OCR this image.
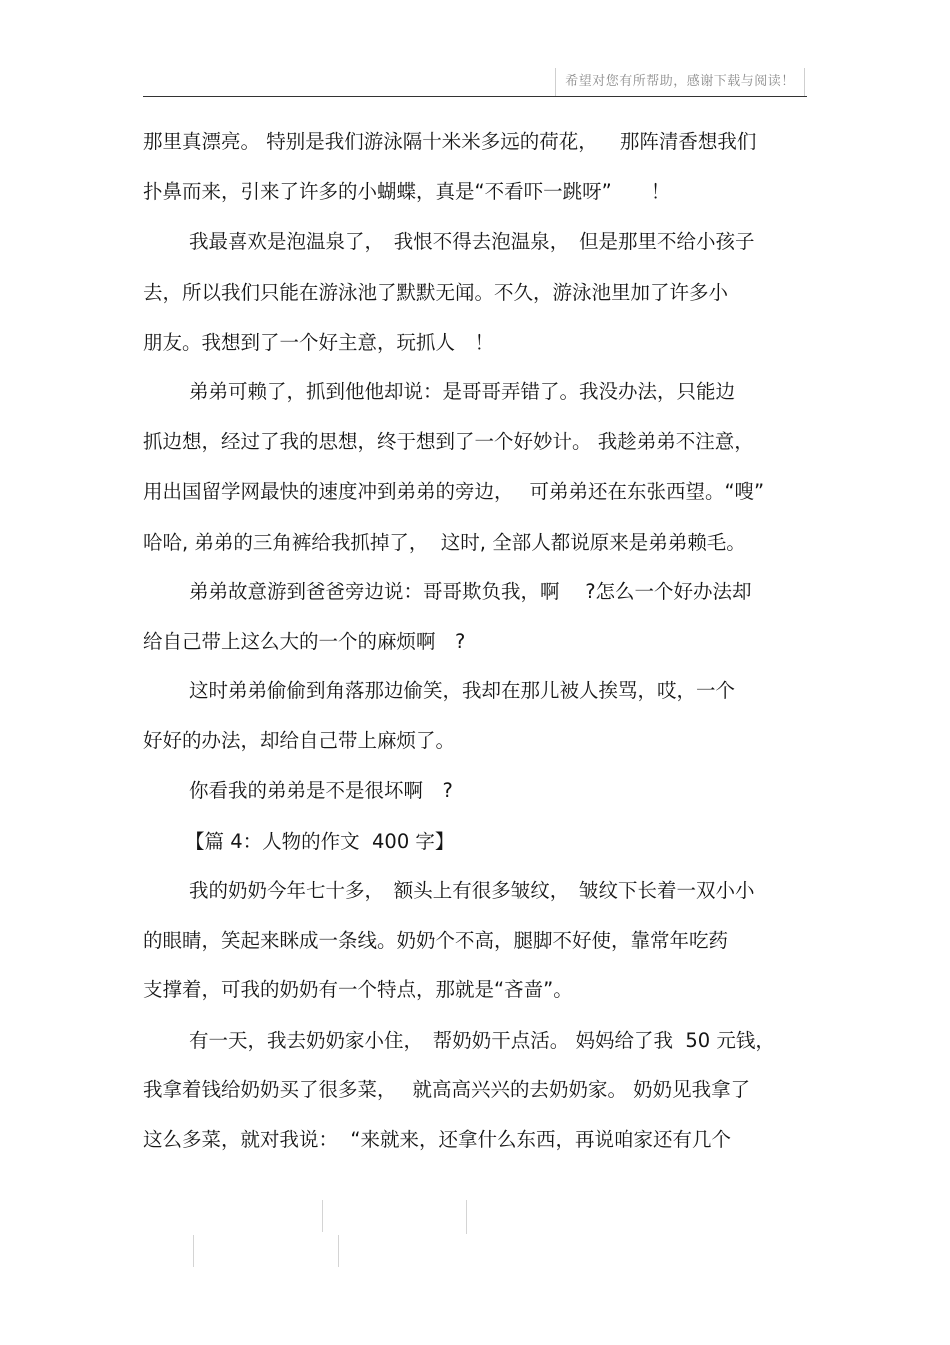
希望对您有所帮助，感谢下载与阅读！
那里真漂亮。 特别是我们游泳隔十米米多远的荷花，　  那阵清香想我们
扑鼻而来，引来了许多的小蝴蝶，真是“不看吓一跳呀”　　！
我最喜欢是泡温泉了，　我恨不得去泡温泉，　但是那里不给小孩子
去，所以我们只能在游泳池了默默无闻。不久，游泳池里加了许多小
朋友。我想到了一个好主意，玩抓人　！
弟弟可赖了，抓到他他却说：是哥哥弄错了。我没办法，只能边
抓边想，经过了我的思想，终于想到了一个好妙计。 我趁弟弟不注意，
用出国留学网最快的速度冲到弟弟的旁边，　 可弟弟还在东张西望。“嗖”
哈哈, 弟弟的三角裤给我抓掉了，  这时, 全部人都说原来是弟弟赖毛。
弟弟故意游到爸爸旁边说：哥哥欺负我，啊　 ?怎么一个好办法却
给自己带上这么大的一个的麻烦啊　?
这时弟弟偷偷到角落那边偷笑，我却在那儿被人挨骂，哎，一个
好好的办法，却给自己带上麻烦了。
你看我的弟弟是不是很坏啊　?
【篇 4：人物的作文  400 字】
我的奶奶今年七十多，　额头上有很多皱纹，　皱纹下长着一双小小
的眼睛，笑起来眯成一条线。奶奶个不高，腿脚不好使，靠常年吃药
支撑着，可我的奶奶有一个特点，那就是“吝啬”。
有一天，我去奶奶家小住，　帮奶奶干点活。 妈妈给了我  50 元钱，
我拿着钱给奶奶买了很多菜，　 就高高兴兴的去奶奶家。 奶奶见我拿了
这么多菜，就对我说：  “来就来，还拿什么东西，再说咱家还有几个
